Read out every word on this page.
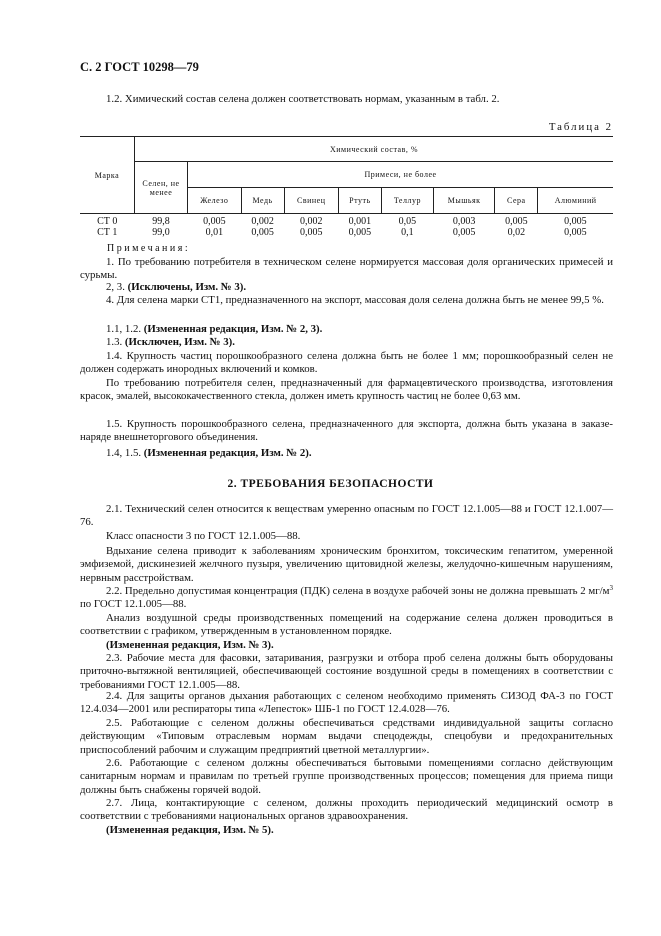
С. 2 ГОСТ 10298—79
1.2. Химический состав селена должен соответствовать нормам, указанным в табл. 2.
Таблица 2
Марка	Химический состав, %								
	Селен, не менее	Примеси, не более							
		Железо	Медь	Свинец	Ртуть	Теллур	Мышьяк	Сера	Алюминий
СТ 0	99,8	0,005	0,002	0,002	0,001	0,05	0,003	0,005	0,005
СТ 1	99,0	0,01	0,005	0,005	0,005	0,1	0,005	0,02	0,005
Примечания:
1. По требованию потребителя в техническом селене нормируется массовая доля органических примесей и сурьмы.
2, 3. (Исключены, Изм. № 3).
4. Для селена марки СТ1, предназначенного на экспорт, массовая доля селена должна быть не менее 99,5 %.
1.1, 1.2. (Измененная редакция, Изм. № 2, 3).
1.3. (Исключен, Изм. № 3).
1.4. Крупность частиц порошкообразного селена должна быть не более 1 мм; порошкообразный селен не должен содержать инородных включений и комков.
По требованию потребителя селен, предназначенный для фармацевтического производства, изготовления красок, эмалей, высококачественного стекла, должен иметь крупность частиц не более 0,63 мм.
1.5. Крупность порошкообразного селена, предназначенного для экспорта, должна быть указана в заказе-наряде внешнеторгового объединения.
1.4, 1.5. (Измененная редакция, Изм. № 2).
2. ТРЕБОВАНИЯ БЕЗОПАСНОСТИ
2.1. Технический селен относится к веществам умеренно опасным по ГОСТ 12.1.005—88 и ГОСТ 12.1.007—76.
Класс опасности 3 по ГОСТ 12.1.005—88.
Вдыхание селена приводит к заболеваниям хроническим бронхитом, токсическим гепатитом, умеренной эмфиземой, дискинезией желчного пузыря, увеличению щитовидной железы, желудочно-кишечным нарушениям, нервным расстройствам.
2.2. Предельно допустимая концентрация (ПДК) селена в воздухе рабочей зоны не должна превышать 2 $мг/м^3$ по ГОСТ 12.1.005—88.
Анализ воздушной среды производственных помещений на содержание селена должен проводиться в соответствии с графиком, утвержденным в установленном порядке.
(Измененная редакция, Изм. № 3).
2.3. Рабочие места для фасовки, затаривания, разгрузки и отбора проб селена должны быть оборудованы приточно-вытяжной вентиляцией, обеспечивающей состояние воздушной среды в помещениях в соответствии с требованиями ГОСТ 12.1.005—88.
2.4. Для защиты органов дыхания работающих с селеном необходимо применять СИЗОД ФА-3 по ГОСТ 12.4.034—2001 или респираторы типа «Лепесток» ШБ-1 по ГОСТ 12.4.028—76.
2.5. Работающие с селеном должны обеспечиваться средствами индивидуальной защиты согласно действующим «Типовым отраслевым нормам выдачи спецодежды, спецобуви и предохранительных приспособлений рабочим и служащим предприятий цветной металлургии».
2.6. Работающие с селеном должны обеспечиваться бытовыми помещениями согласно действующим санитарным нормам и правилам по третьей группе производственных процессов; помещения для приема пищи должны быть снабжены горячей водой.
2.7. Лица, контактирующие с селеном, должны проходить периодический медицинский осмотр в соответствии с требованиями национальных органов здравоохранения.
(Измененная редакция, Изм. № 5).
